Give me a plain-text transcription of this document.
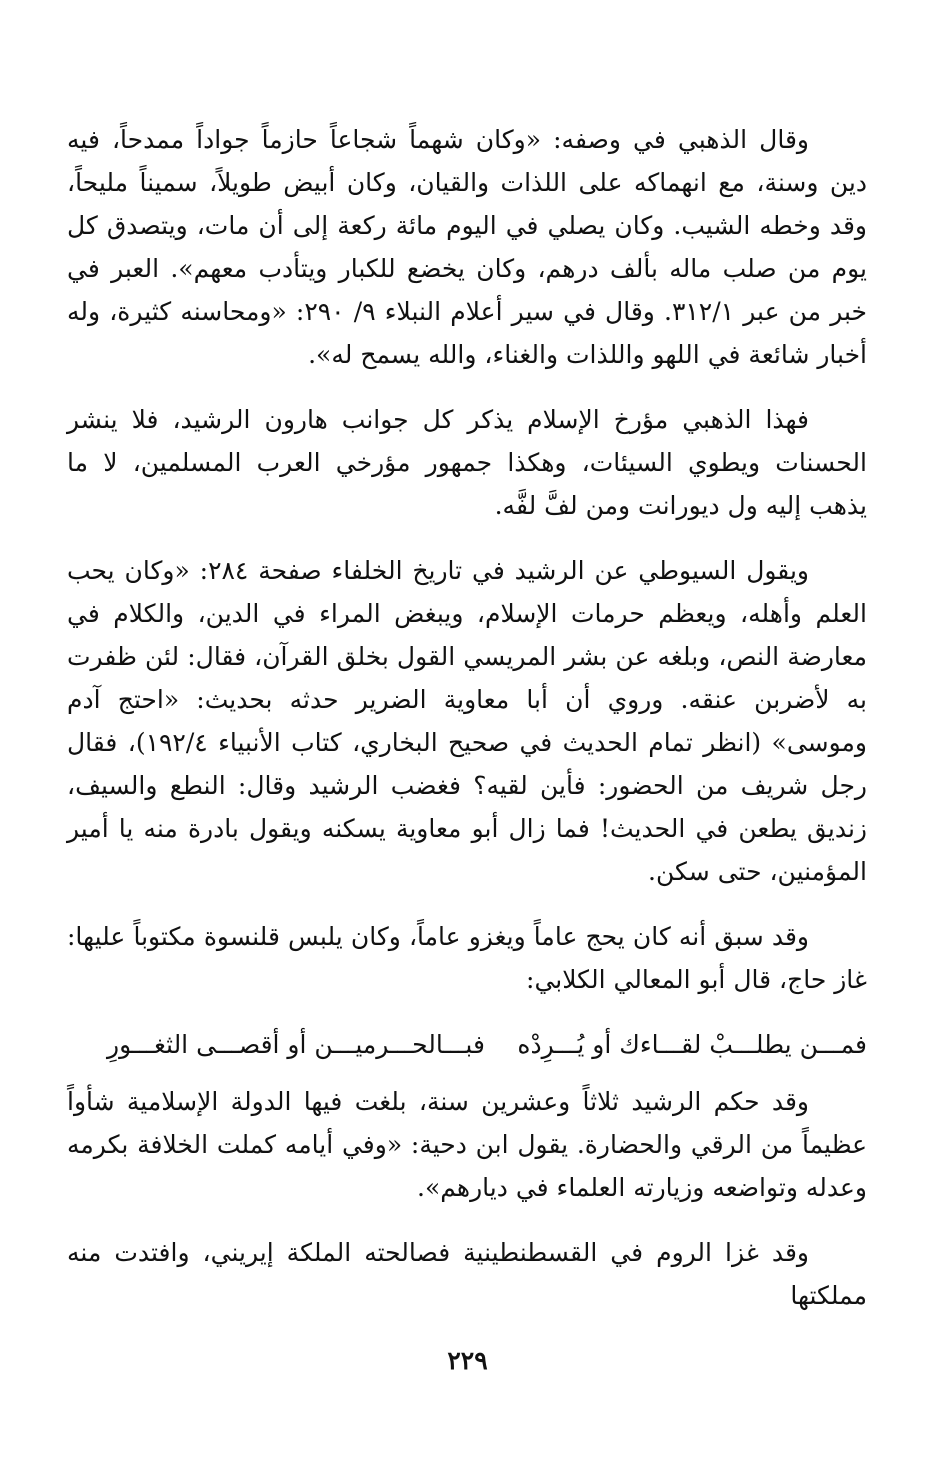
وقال الذهبي في وصفه: «وكان شهماً شجاعاً حازماً جواداً ممدحاً، فيه دين وسنة، مع انهماكه على اللذات والقيان، وكان أبيض طويلاً، سميناً مليحاً، وقد وخطه الشيب. وكان يصلي في اليوم مائة ركعة إلى أن مات، ويتصدق كل يوم من صلب ماله بألف درهم، وكان يخضع للكبار ويتأدب معهم». العبر في خبر من عبر ٣١٢/١. وقال في سير أعلام النبلاء ٩/ ٢٩٠: «ومحاسنه كثيرة، وله أخبار شائعة في اللهو واللذات والغناء، والله يسمح له».

فهذا الذهبي مؤرخ الإسلام يذكر كل جوانب هارون الرشيد، فلا ينشر الحسنات ويطوي السيئات، وهكذا جمهور مؤرخي العرب المسلمين، لا ما يذهب إليه ول ديورانت ومن لفَّ لفَّه.

ويقول السيوطي عن الرشيد في تاريخ الخلفاء صفحة ٢٨٤: «وكان يحب العلم وأهله، ويعظم حرمات الإسلام، ويبغض المراء في الدين، والكلام في معارضة النص، وبلغه عن بشر المريسي القول بخلق القرآن، فقال: لئن ظفرت به لأضربن عنقه. وروي أن أبا معاوية الضرير حدثه بحديث: «احتج آدم وموسى» (انظر تمام الحديث في صحيح البخاري، كتاب الأنبياء ١٩٢/٤)، فقال رجل شريف من الحضور: فأين لقيه؟ فغضب الرشيد وقال: النطع والسيف، زنديق يطعن في الحديث! فما زال أبو معاوية يسكنه ويقول بادرة منه يا أمير المؤمنين، حتى سكن.

وقد سبق أنه كان يحج عاماً ويغزو عاماً، وكان يلبس قلنسوة مكتوباً عليها: غاز حاج، قال أبو المعالي الكلابي:

فمـــن يطلـــبْ لقـــاءك أو يُـــرِدْه
فبـــالحـــرميـــن أو أقصـــى الثغـــورِ

وقد حكم الرشيد ثلاثاً وعشرين سنة، بلغت فيها الدولة الإسلامية شأواً عظيماً من الرقي والحضارة. يقول ابن دحية: «وفي أيامه كملت الخلافة بكرمه وعدله وتواضعه وزيارته العلماء في ديارهم».

وقد غزا الروم في القسطنطينية فصالحته الملكة إيريني، وافتدت منه مملكتها

٢٢٩
